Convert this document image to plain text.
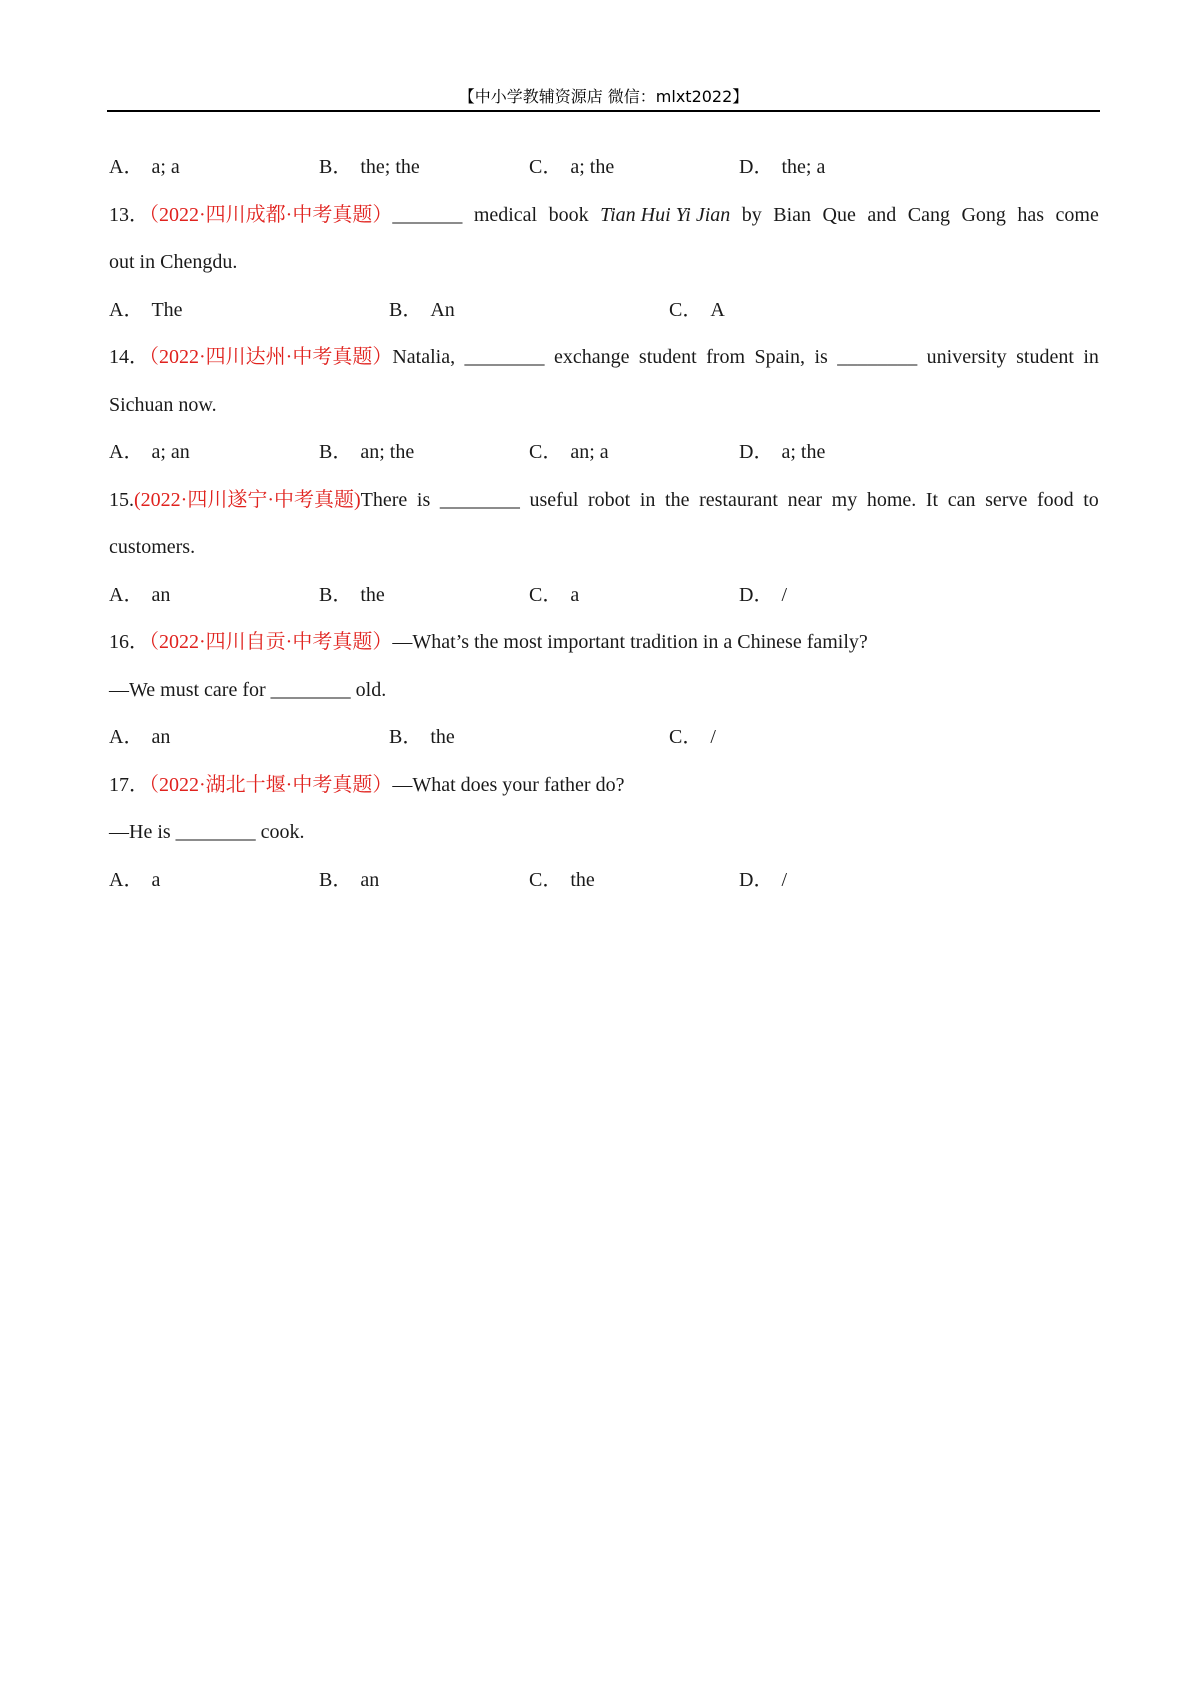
【中小学教辅资源店 微信：mlxt2022】
A． a; a	B． the; the	C． a; the	D． the; a
13．（2022·四川成都·中考真题）_______ medical book Tian Hui Yi Jian by Bian Que and Cang Gong has come
out in Chengdu.
A． The	B． An	C． A
14．（2022·四川达州·中考真题）Natalia, ________ exchange student from Spain, is ________ university student in
Sichuan now.
A． a; an	B． an; the	C． an; a	D． a; the
15.(2022·四川遂宁·中考真题)There is ________ useful robot in the restaurant near my home. It can serve food to
customers.
A． an	B． the	C． a	D． /
16．（2022·四川自贡·中考真题）—What’s the most important tradition in a Chinese family?
—We must care for ________ old.
A． an	B． the	C． /
17．（2022·湖北十堰·中考真题）—What does your father do?
—He is ________ cook.
A． a	B． an	C． the	D． /
